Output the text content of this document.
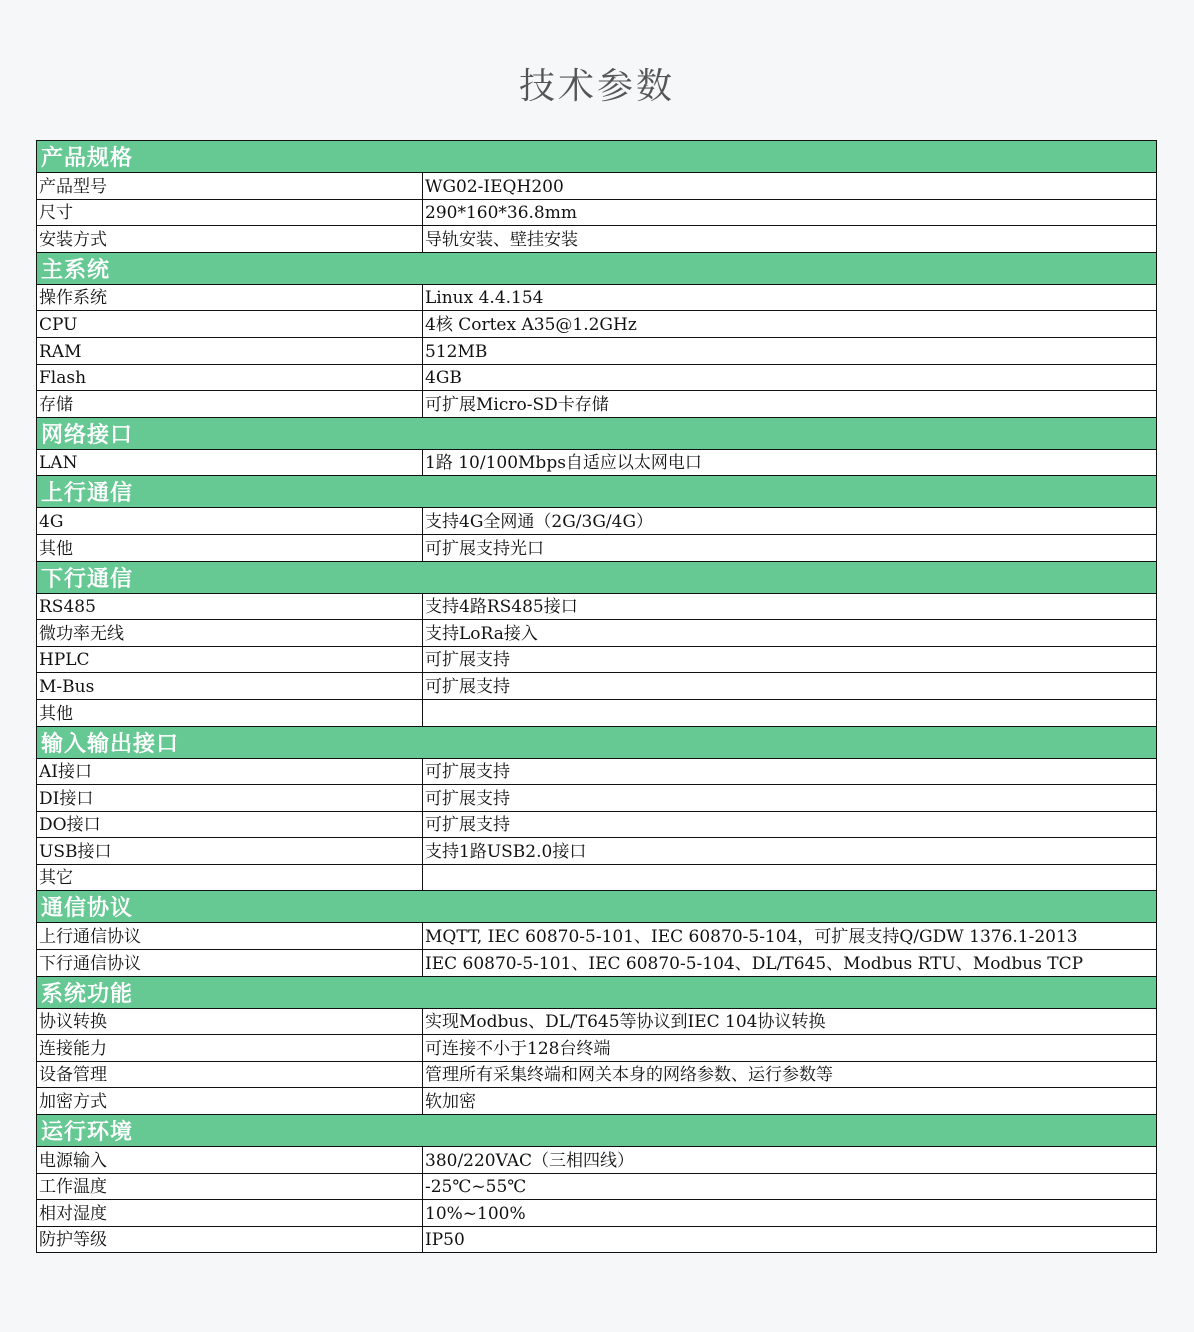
技术参数
产品规格	
产品型号	WG02-IEQH200
尺寸	290*160*36.8mm
安装方式	导轨安装、壁挂安装
主系统	
操作系统	Linux 4.4.154
CPU	4核 Cortex A35@1.2GHz
RAM	512MB
Flash	4GB
存储	可扩展Micro-SD卡存储
网络接口	
LAN	1路 10/100Mbps自适应以太网电口
上行通信	
4G	支持4G全网通（2G/3G/4G）
其他	可扩展支持光口
下行通信	
RS485	支持4路RS485接口
微功率无线	支持LoRa接入
HPLC	可扩展支持
M-Bus	可扩展支持
其他	
输入输出接口	
AI接口	可扩展支持
DI接口	可扩展支持
DO接口	可扩展支持
USB接口	支持1路USB2.0接口
其它	
通信协议	
上行通信协议	MQTT, IEC 60870-5-101、IEC 60870-5-104，可扩展支持Q/GDW 1376.1-2013
下行通信协议	IEC 60870-5-101、IEC 60870-5-104、DL/T645、Modbus RTU、Modbus TCP
系统功能	
协议转换	实现Modbus、DL/T645等协议到IEC 104协议转换
连接能力	可连接不小于128台终端
设备管理	管理所有采集终端和网关本身的网络参数、运行参数等
加密方式	软加密
运行环境	
电源输入	380/220VAC（三相四线）
工作温度	-25℃~55℃
相对湿度	10%~100%
防护等级	IP50
